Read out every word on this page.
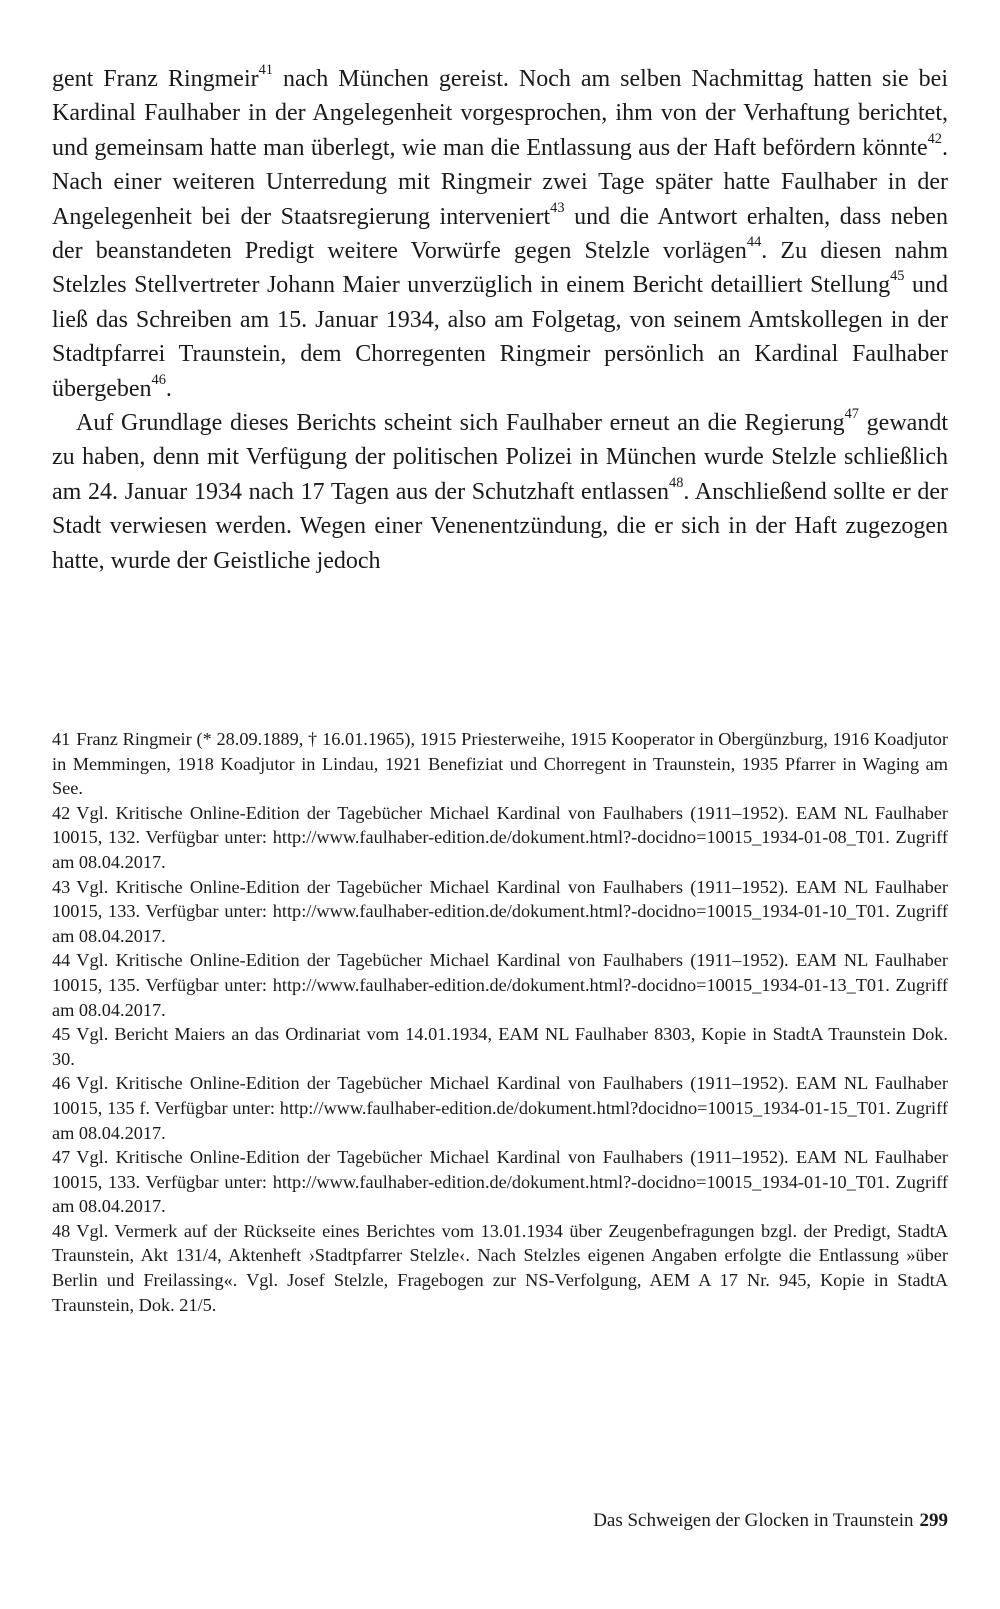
gent Franz Ringmeir$^{41}$ nach München gereist. Noch am selben Nachmittag hatten sie bei Kardinal Faulhaber in der Angelegenheit vorgesprochen, ihm von der Verhaftung berichtet, und gemeinsam hatte man überlegt, wie man die Entlassung aus der Haft befördern könnte$^{42}$. Nach einer weiteren Unterredung mit Ringmeir zwei Tage später hatte Faulhaber in der Angelegenheit bei der Staatsregierung interveniert$^{43}$ und die Antwort erhalten, dass neben der beanstandeten Predigt weitere Vorwürfe gegen Stelzle vorlägen$^{44}$. Zu diesen nahm Stelzles Stellvertreter Johann Maier unverzüglich in einem Bericht detailliert Stellung$^{45}$ und ließ das Schreiben am 15. Januar 1934, also am Folgetag, von seinem Amtskollegen in der Stadtpfarrei Traunstein, dem Chorregenten Ringmeir persönlich an Kardinal Faulhaber übergeben$^{46}$.

Auf Grundlage dieses Berichts scheint sich Faulhaber erneut an die Regierung$^{47}$ gewandt zu haben, denn mit Verfügung der politischen Polizei in München wurde Stelzle schließlich am 24. Januar 1934 nach 17 Tagen aus der Schutzhaft entlassen$^{48}$. Anschließend sollte er der Stadt verwiesen werden. Wegen einer Venenentzündung, die er sich in der Haft zugezogen hatte, wurde der Geistliche jedoch

41 Franz Ringmeir (* 28.09.1889, † 16.01.1965), 1915 Priesterweihe, 1915 Kooperator in Obergünzburg, 1916 Koadjutor in Memmingen, 1918 Koadjutor in Lindau, 1921 Benefiziat und Chorregent in Traunstein, 1935 Pfarrer in Waging am See.

42 Vgl. Kritische Online-Edition der Tagebücher Michael Kardinal von Faulhabers (1911–1952). EAM NL Faulhaber 10015, 132. Verfügbar unter: http://www.faulhaber-edition.de/dokument.html?-docidno=10015_1934-01-08_T01. Zugriff am 08.04.2017.

43 Vgl. Kritische Online-Edition der Tagebücher Michael Kardinal von Faulhabers (1911–1952). EAM NL Faulhaber 10015, 133. Verfügbar unter: http://www.faulhaber-edition.de/dokument.html?-docidno=10015_1934-01-10_T01. Zugriff am 08.04.2017.

44 Vgl. Kritische Online-Edition der Tagebücher Michael Kardinal von Faulhabers (1911–1952). EAM NL Faulhaber 10015, 135. Verfügbar unter: http://www.faulhaber-edition.de/dokument.html?-docidno=10015_1934-01-13_T01. Zugriff am 08.04.2017.

45 Vgl. Bericht Maiers an das Ordinariat vom 14.01.1934, EAM NL Faulhaber 8303, Kopie in StadtA Traunstein Dok. 30.

46 Vgl. Kritische Online-Edition der Tagebücher Michael Kardinal von Faulhabers (1911–1952). EAM NL Faulhaber 10015, 135 f. Verfügbar unter: http://www.faulhaber-edition.de/dokument.html?docidno=10015_1934-01-15_T01. Zugriff am 08.04.2017.

47 Vgl. Kritische Online-Edition der Tagebücher Michael Kardinal von Faulhabers (1911–1952). EAM NL Faulhaber 10015, 133. Verfügbar unter: http://www.faulhaber-edition.de/dokument.html?-docidno=10015_1934-01-10_T01. Zugriff am 08.04.2017.

48 Vgl. Vermerk auf der Rückseite eines Berichtes vom 13.01.1934 über Zeugenbefragungen bzgl. der Predigt, StadtA Traunstein, Akt 131/4, Aktenheft ›Stadtpfarrer Stelzle‹. Nach Stelzles eigenen Angaben erfolgte die Entlassung »über Berlin und Freilassing«. Vgl. Josef Stelzle, Fragebogen zur NS-Verfolgung, AEM A 17 Nr. 945, Kopie in StadtA Traunstein, Dok. 21/5.

Das Schweigen der Glocken in Traunstein 299
